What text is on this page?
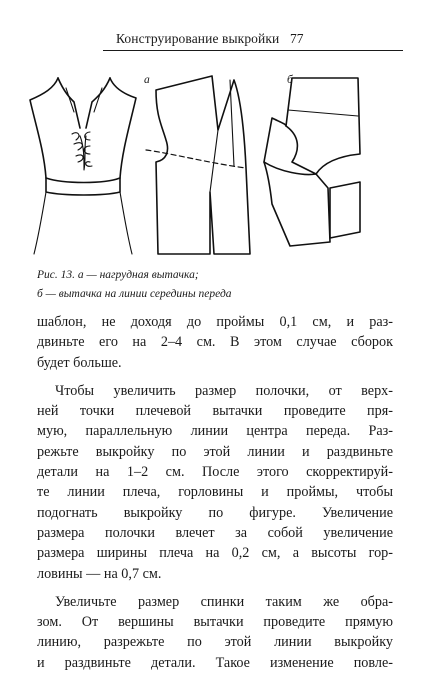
Конструирование выкройки 77
а	б
Рис. 13. а — нагрудная вытачка;
б — вытачка на линии середины переда
шаблон, не доходя до проймы 0,1 см, и раз-
двиньте его на 2–4 см. В этом случае сборок
будет больше.
Чтобы увеличить размер полочки, от верх-
ней точки плечевой вытачки проведите пря-
мую, параллельную линии центра переда. Раз-
режьте выкройку по этой линии и раздвиньте
детали на 1–2 см. После этого скорректируй-
те линии плеча, горловины и проймы, чтобы
подогнать выкройку по фигуре. Увеличение
размера полочки влечет за собой увеличение
размера ширины плеча на 0,2 см, а высоты гор-
ловины — на 0,7 см.
Увеличьте размер спинки таким же обра-
зом. От вершины вытачки проведите прямую
линию, разрежьте по этой линии выкройку
и раздвиньте детали. Такое изменение повле-
